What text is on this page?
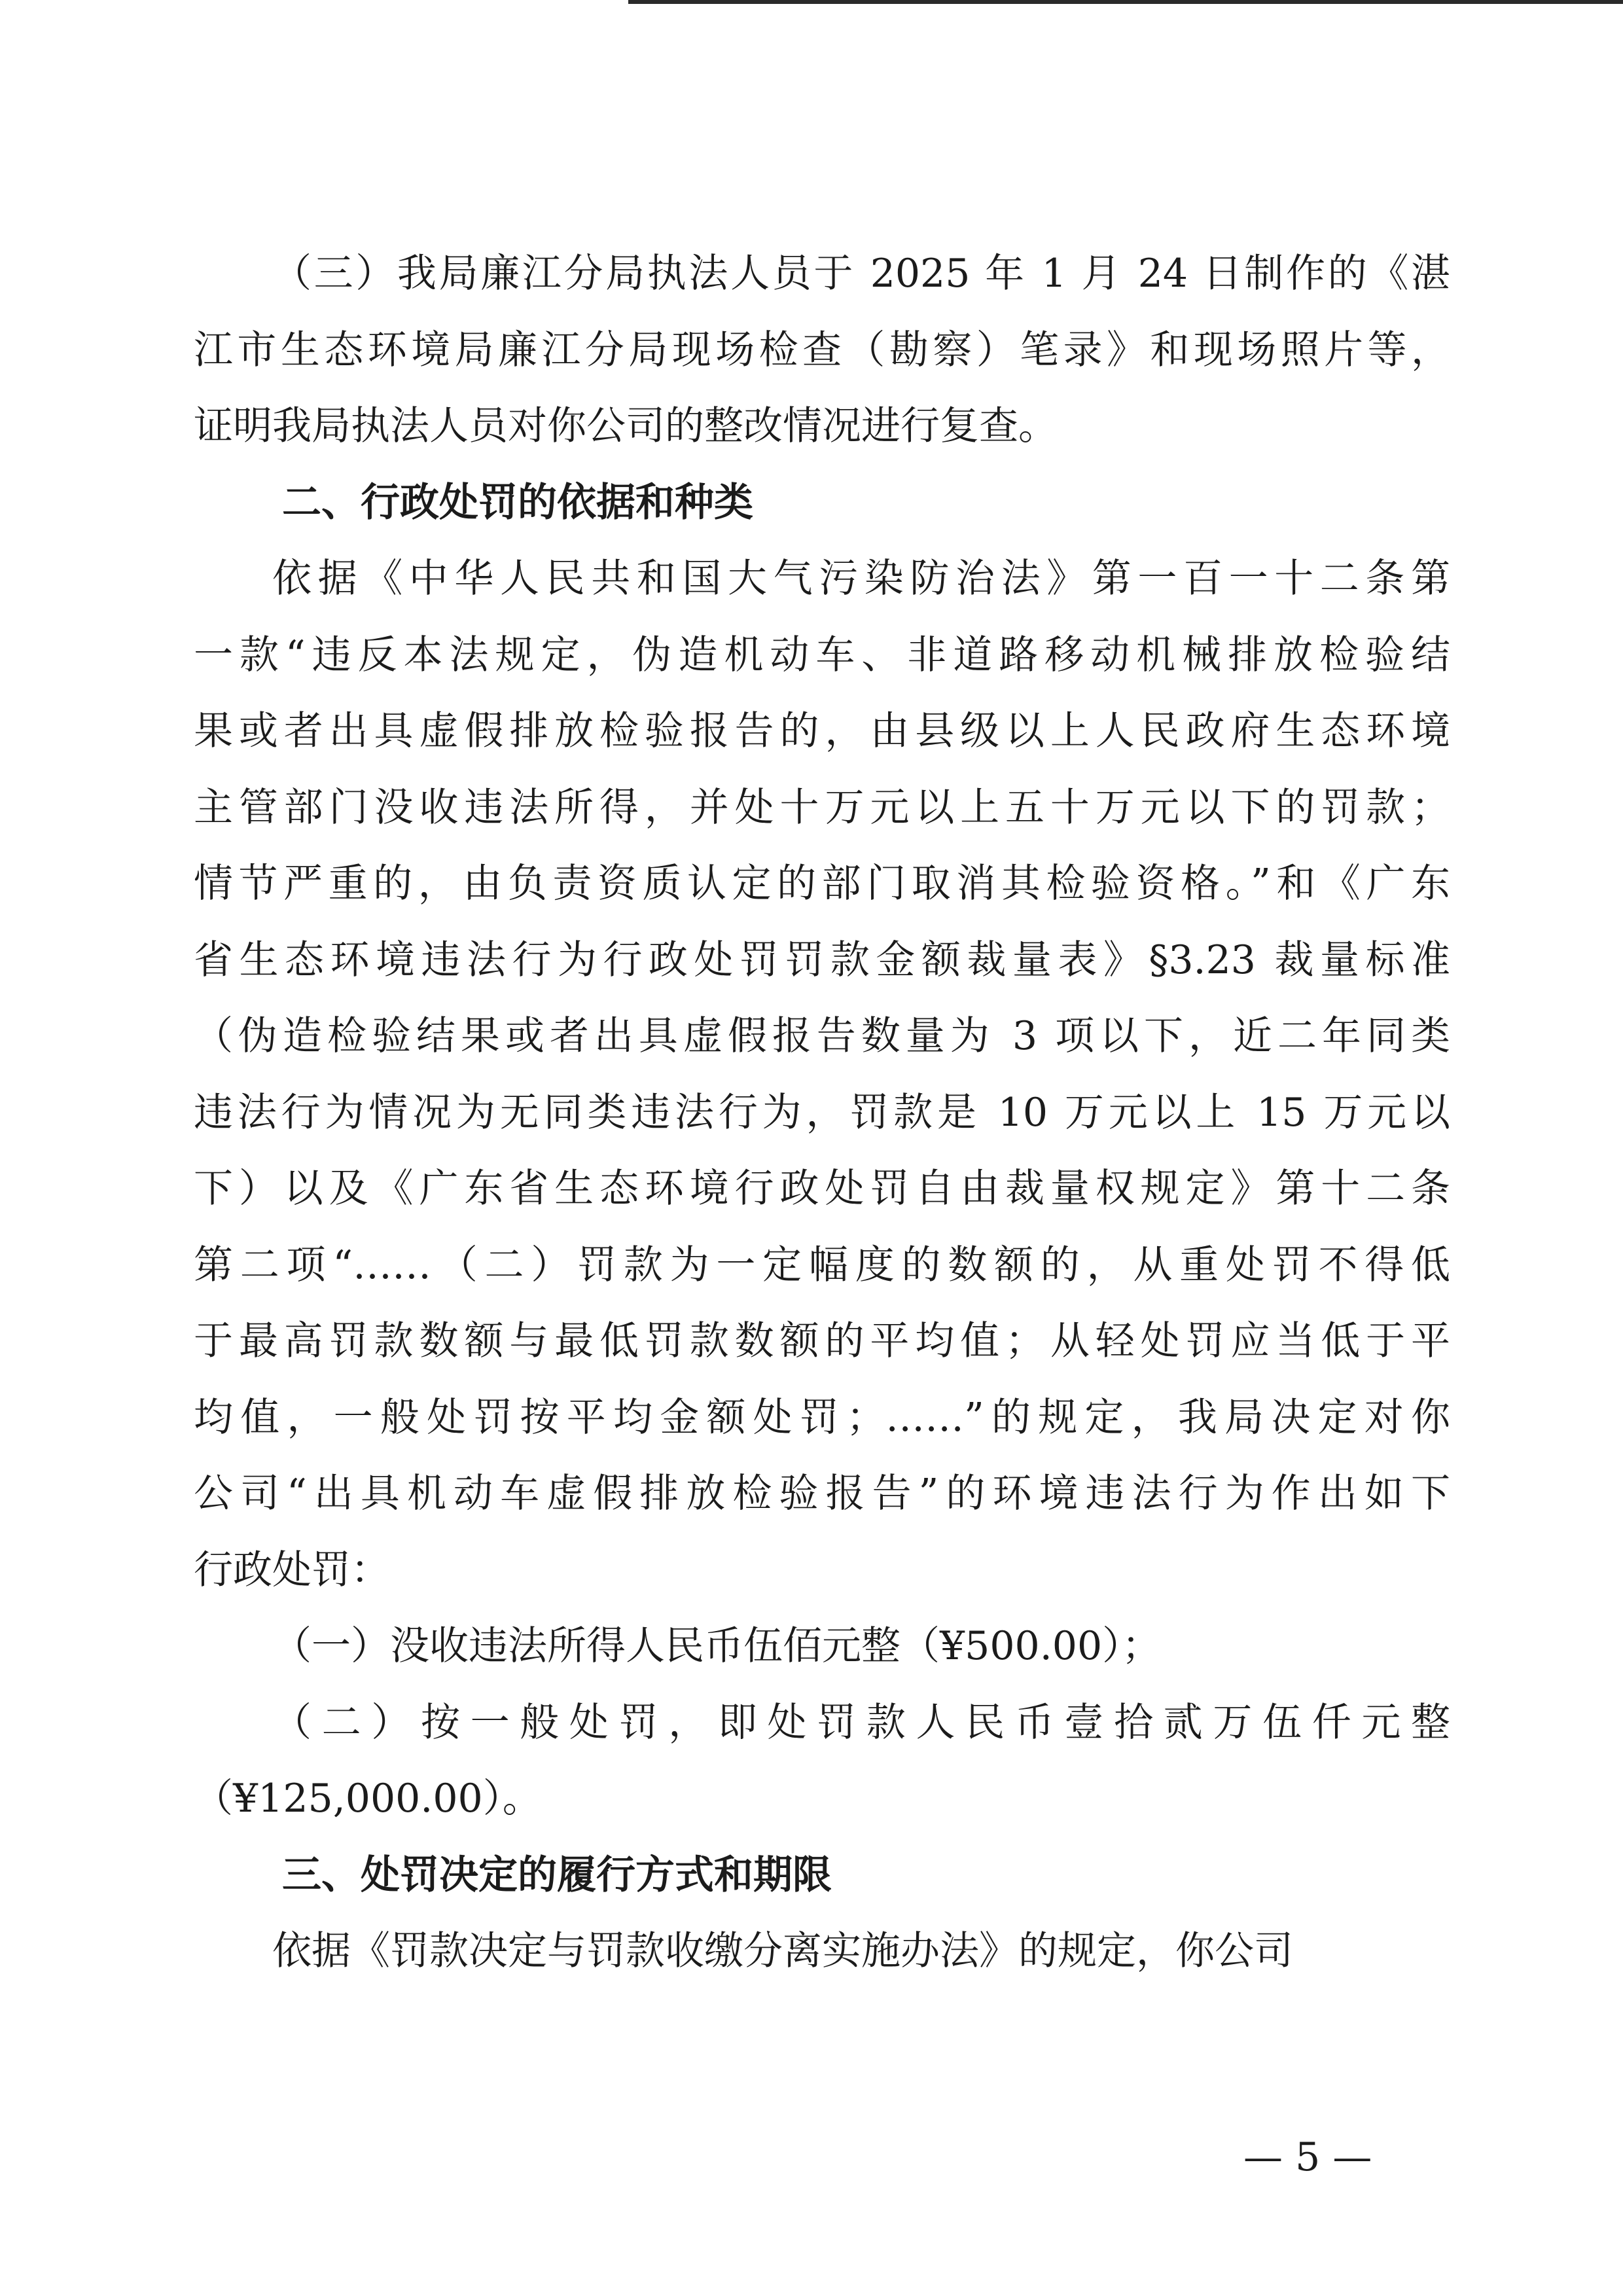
（三）我局廉江分局执法人员于 2025 年 1 月 24 日制作的《湛
江市生态环境局廉江分局现场检查（勘察）笔录》和现场照片等，
证明我局执法人员对你公司的整改情况进行复查。
二、行政处罚的依据和种类
依据《中华人民共和国大气污染防治法》第一百一十二条第
一款“违反本法规定，伪造机动车、非道路移动机械排放检验结
果或者出具虚假排放检验报告的，由县级以上人民政府生态环境
主管部门没收违法所得，并处十万元以上五十万元以下的罚款；
情节严重的，由负责资质认定的部门取消其检验资格。”和《广东
省生态环境违法行为行政处罚罚款金额裁量表》§3.23 裁量标准
（伪造检验结果或者出具虚假报告数量为 3 项以下，近二年同类
违法行为情况为无同类违法行为，罚款是 10 万元以上 15 万元以
下）以及《广东省生态环境行政处罚自由裁量权规定》第十二条
第二项“……（二）罚款为一定幅度的数额的，从重处罚不得低
于最高罚款数额与最低罚款数额的平均值；从轻处罚应当低于平
均值，一般处罚按平均金额处罚；……”的规定，我局决定对你
公司“出具机动车虚假排放检验报告”的环境违法行为作出如下
行政处罚：
（一）没收违法所得人民币伍佰元整（¥500.00）；
（二）按一般处罚，即处罚款人民币壹拾贰万伍仟元整
（¥125,000.00）。
三、处罚决定的履行方式和期限
依据《罚款决定与罚款收缴分离实施办法》的规定，你公司
— 5 —
